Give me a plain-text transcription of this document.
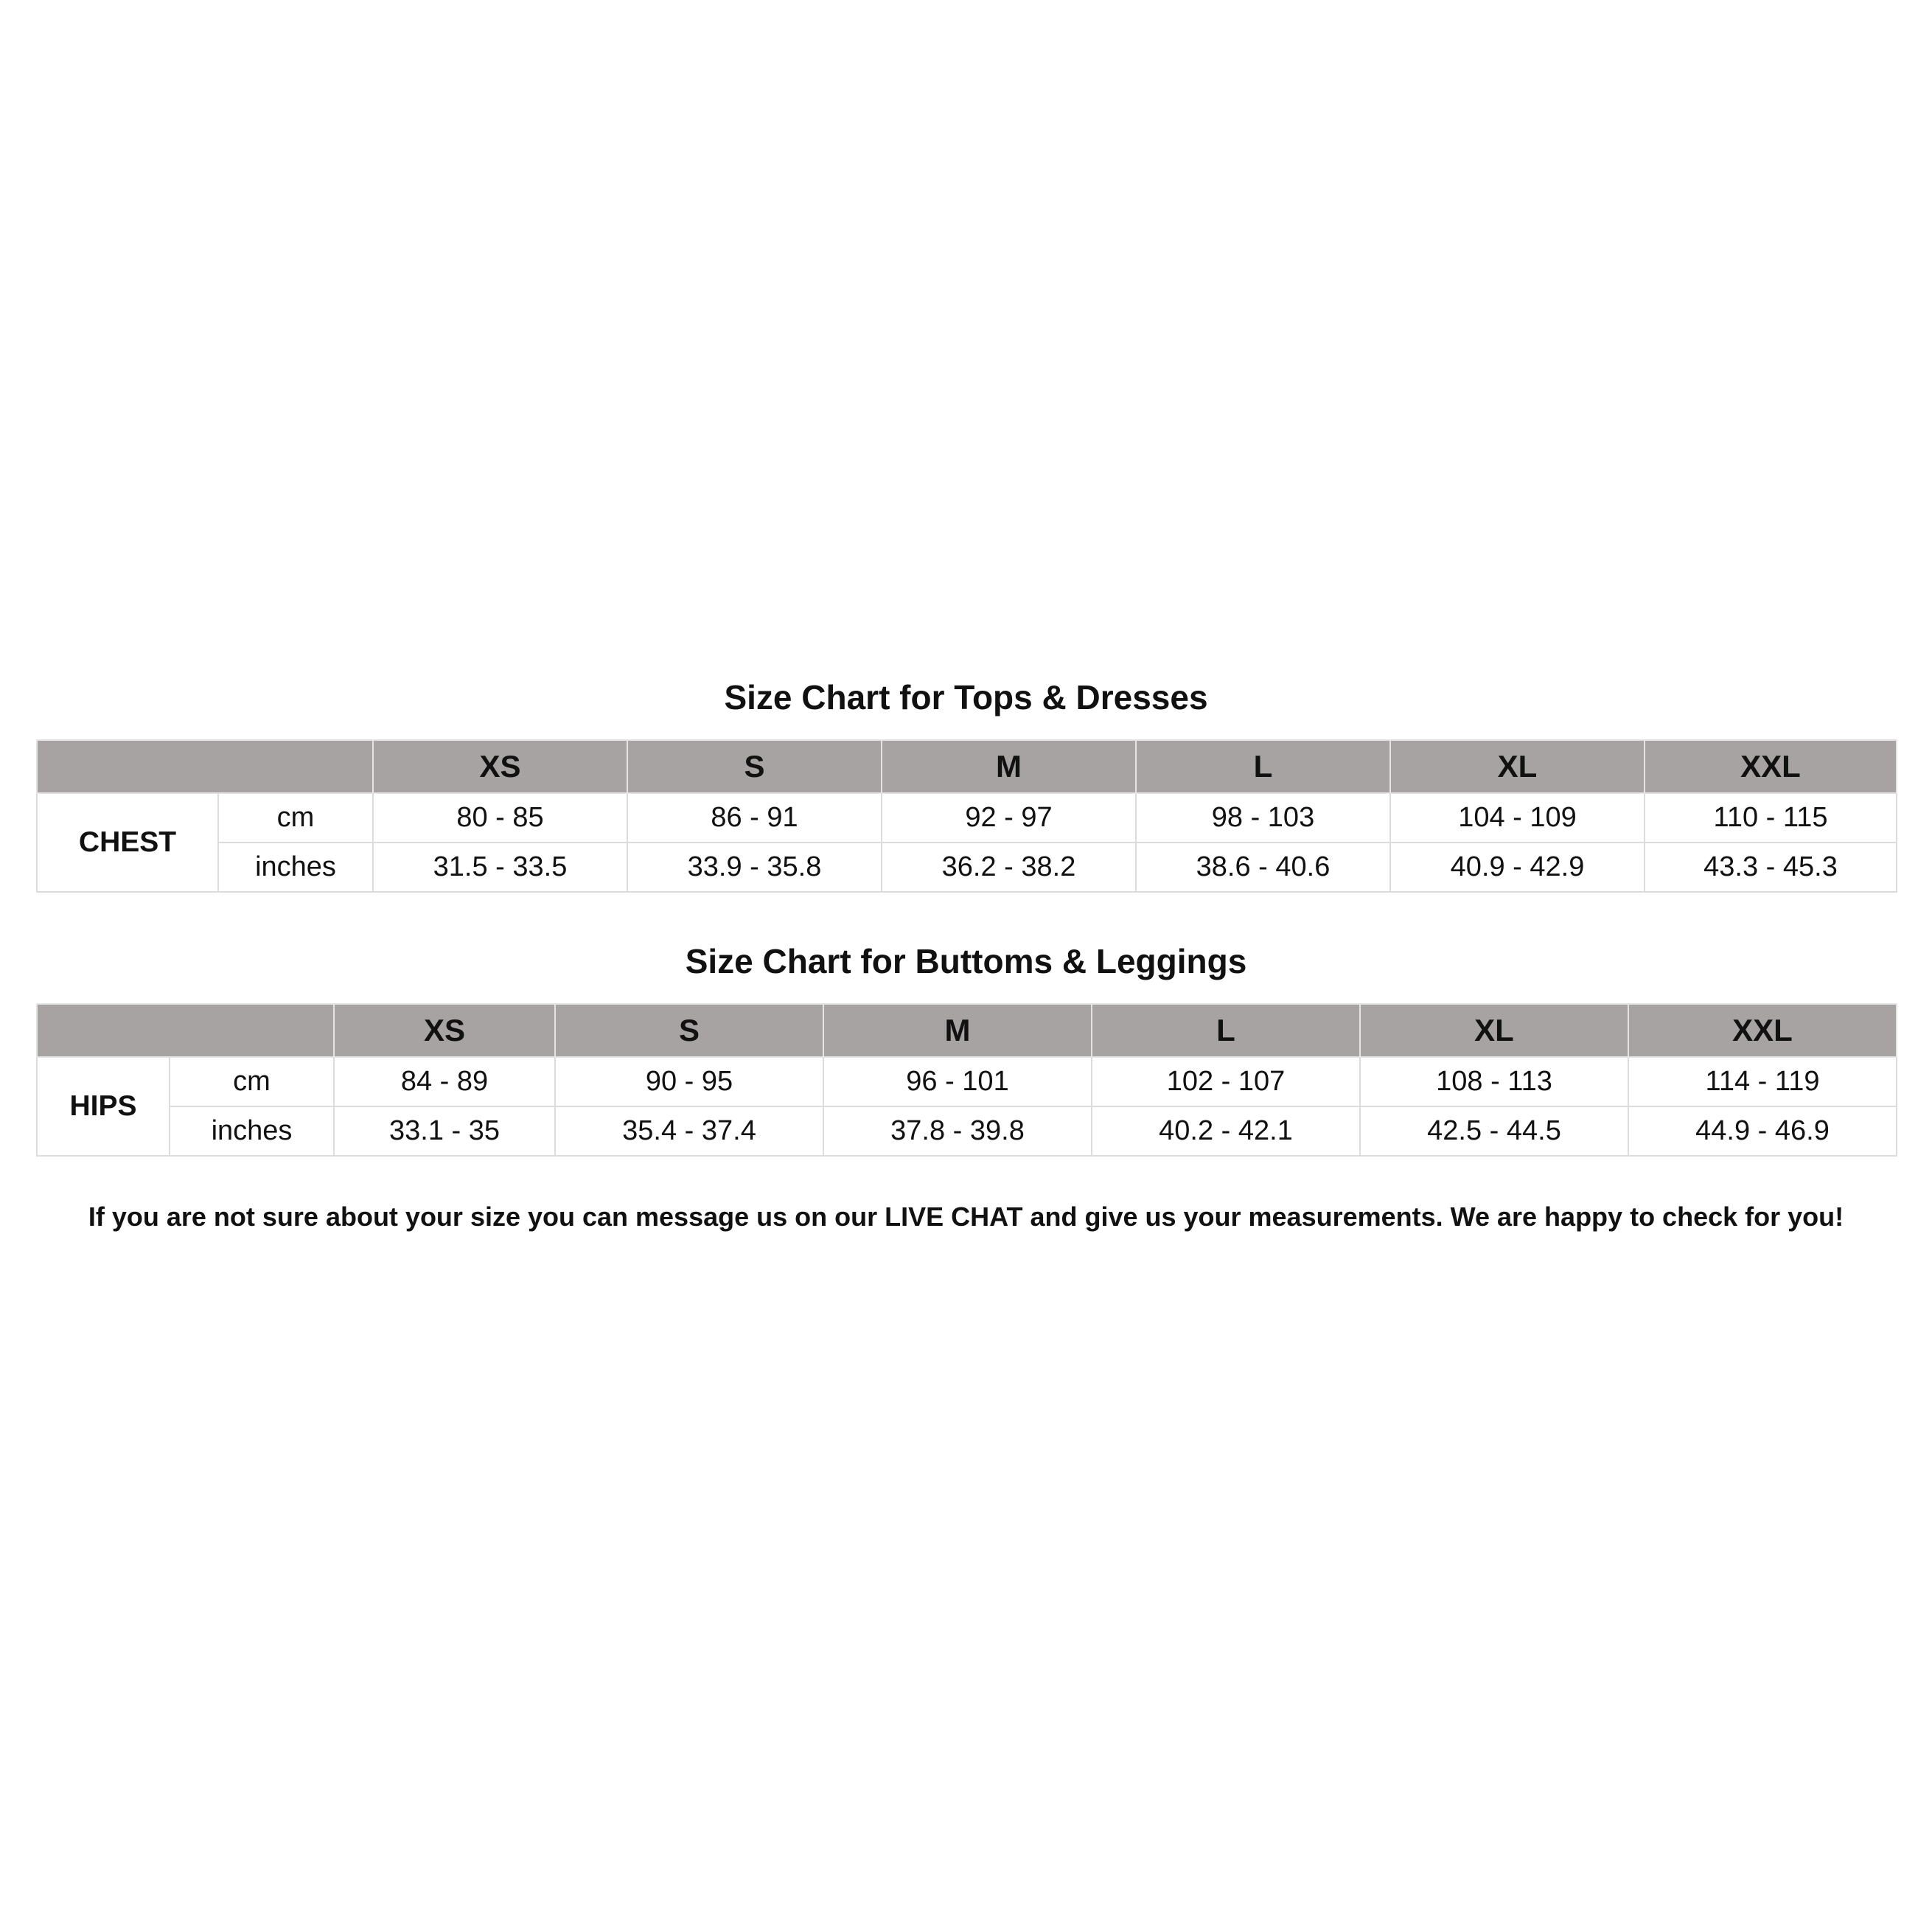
Size Chart for Tops & Dresses
		XS	S	M	L	XL	XXL
CHEST	cm	80 - 85	86 - 91	92 - 97	98 - 103	104 - 109	110 - 115
	inches	31.5 - 33.5	33.9 - 35.8	36.2 - 38.2	38.6 - 40.6	40.9 - 42.9	43.3 - 45.3
Size Chart for Buttoms & Leggings
		XS	S	M	L	XL	XXL
HIPS	cm	84 - 89	90 - 95	96 - 101	102 - 107	108 - 113	114 - 119
	inches	33.1 - 35	35.4 - 37.4	37.8 - 39.8	40.2 - 42.1	42.5 - 44.5	44.9 - 46.9

If you are not sure about your size you can message us on our LIVE CHAT and give us your measurements. We are happy to check for you!
